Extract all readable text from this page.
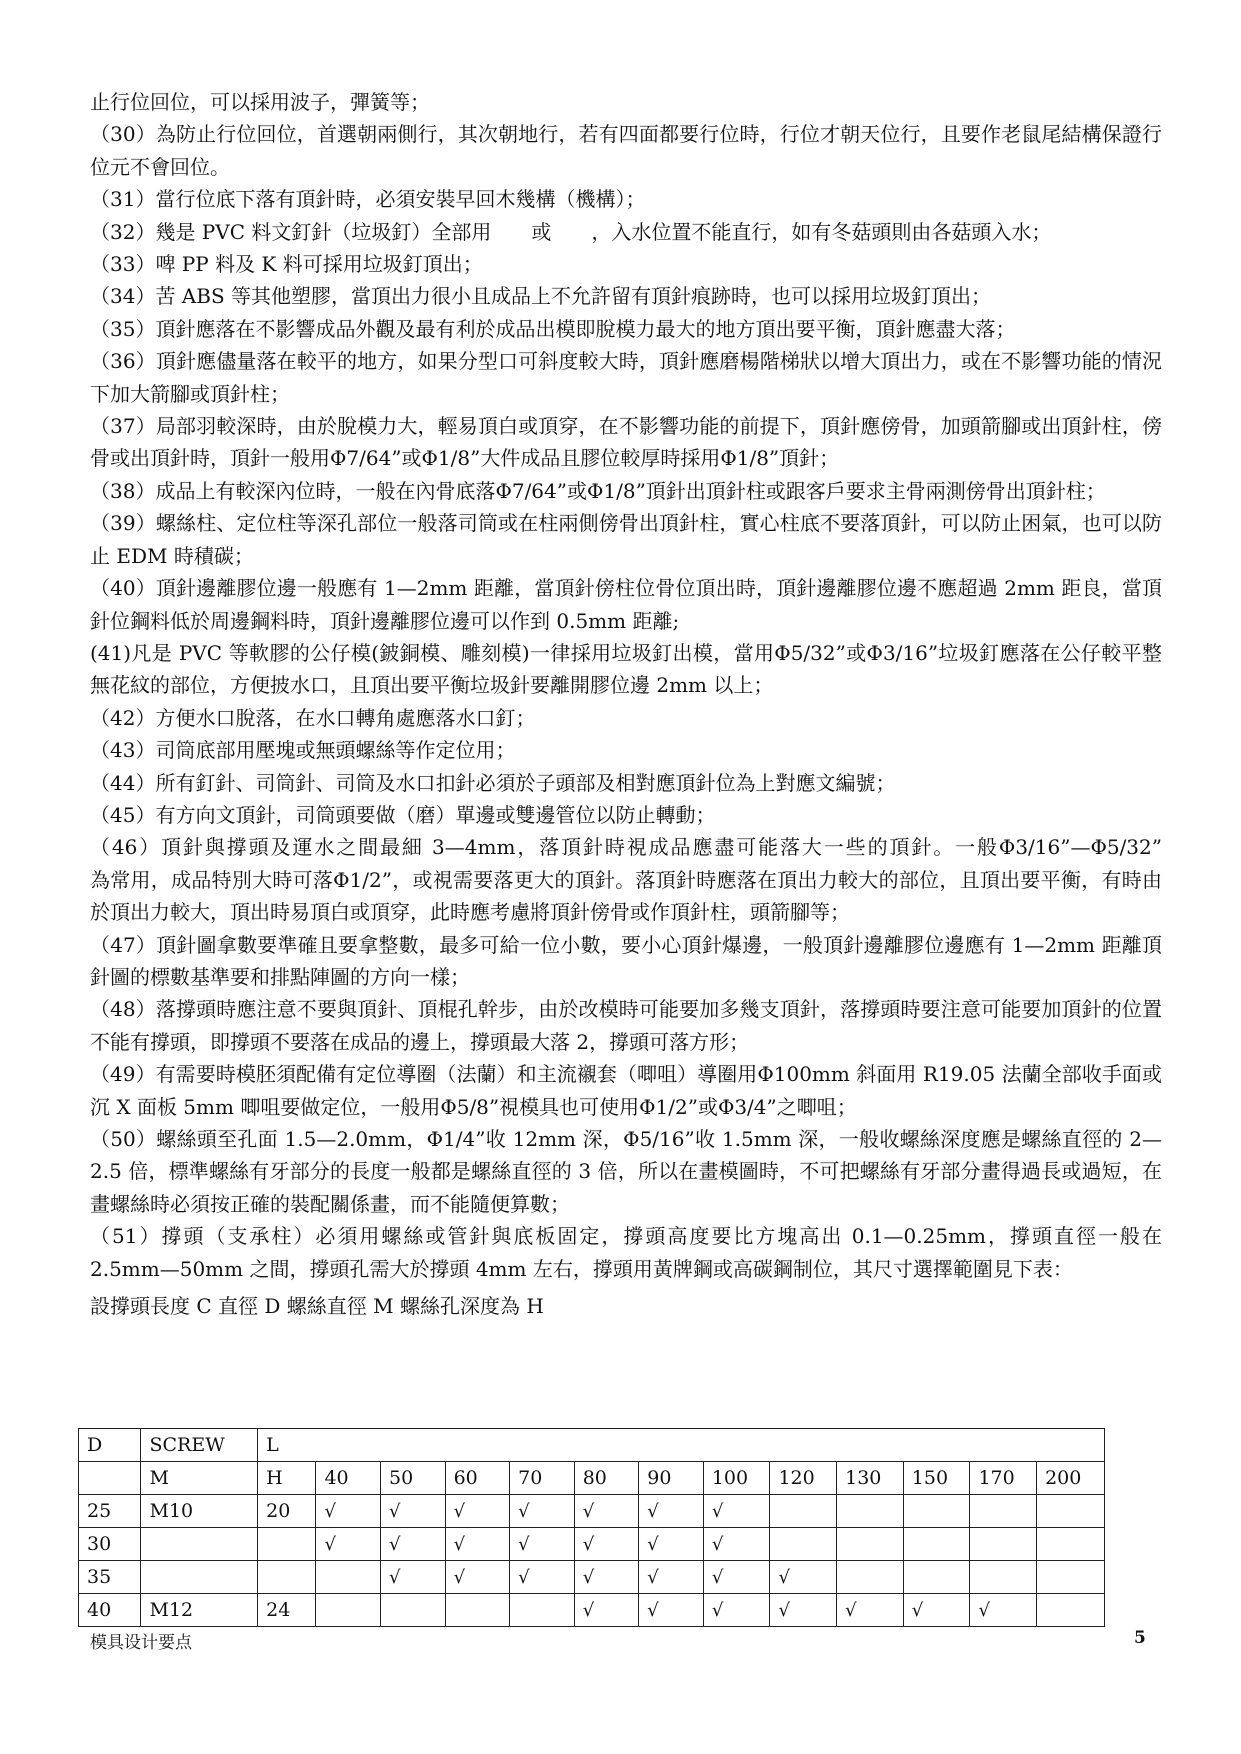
止行位回位，可以採用波子，彈簧等；

（30）為防止行位回位，首選朝兩側行，其次朝地行，若有四面都要行位時，行位才朝天位行，且要作老鼠尾結構保證行位元不會回位。

（31）當行位底下落有頂針時，必須安裝早回木幾構（機構）；

（32）幾是 PVC 料文釘針（垃圾釘）全部用　　或　　，入水位置不能直行，如有冬菇頭則由各菇頭入水；

（33）啤 PP 料及 K 料可採用垃圾釘頂出；

（34）苦 ABS 等其他塑膠，當頂出力很小且成品上不允許留有頂針痕跡時，也可以採用垃圾釘頂出；

（35）頂針應落在不影響成品外觀及最有利於成品出模即脫模力最大的地方頂出要平衡，頂針應盡大落；

（36）頂針應儘量落在較平的地方，如果分型口可斜度較大時，頂針應磨楊階梯狀以增大頂出力，或在不影響功能的情況下加大箭腳或頂針柱；

（37）局部羽較深時，由於脫模力大，輕易頂白或頂穿，在不影響功能的前提下，頂針應傍骨，加頭箭腳或出頂針柱，傍骨或出頂針時，頂針一般用Φ7/64”或Φ1/8”大件成品且膠位較厚時採用Φ1/8”頂針；

（38）成品上有較深內位時，一般在內骨底落Φ7/64”或Φ1/8”頂針出頂針柱或跟客戶要求主骨兩測傍骨出頂針柱；

（39）螺絲柱、定位柱等深孔部位一般落司筒或在柱兩側傍骨出頂針柱，實心柱底不要落頂針，可以防止困氣，也可以防止 EDM 時積碳；

（40）頂針邊離膠位邊一般應有 1—2mm 距離，當頂針傍柱位骨位頂出時，頂針邊離膠位邊不應超過 2mm 距良，當頂針位鋼料低於周邊鋼料時，頂針邊離膠位邊可以作到 0.5mm 距離;

(41)凡是 PVC 等軟膠的公仔模(鈹銅模、雕刻模)一律採用垃圾釘出模，當用Φ5/32”或Φ3/16”垃圾釘應落在公仔較平整無花紋的部位，方便披水口，且頂出要平衡垃圾針要離開膠位邊 2mm 以上；

（42）方便水口脫落，在水口轉角處應落水口釘；

（43）司筒底部用壓塊或無頭螺絲等作定位用；

（44）所有釘針、司筒針、司筒及水口扣針必須於子頭部及相對應頂針位為上對應文編號；

（45）有方向文頂針，司筒頭要做（磨）單邊或雙邊管位以防止轉動；

（46）頂針與撐頭及運水之間最細 3—4mm，落頂針時視成品應盡可能落大一些的頂針。一般Φ3/16”—Φ5/32”　　　為常用，成品特別大時可落Φ1/2”，或視需要落更大的頂針。落頂針時應落在頂出力較大的部位，且頂出要平衡，有時由於頂出力較大，頂出時易頂白或頂穿，此時應考慮將頂針傍骨或作頂針柱，頭箭腳等；

（47）頂針圖拿數要準確且要拿整數，最多可給一位小數，要小心頂針爆邊，一般頂針邊離膠位邊應有 1—2mm 距離頂針圖的標數基準要和排點陣圖的方向一樣；

（48）落撐頭時應注意不要與頂針、頂棍孔幹步，由於改模時可能要加多幾支頂針，落撐頭時要注意可能要加頂針的位置不能有撐頭，即撐頭不要落在成品的邊上，撐頭最大落 2，撐頭可落方形；

（49）有需要時模胚須配備有定位導圈（法蘭）和主流襯套（唧咀）導圈用Φ100mm 斜面用 R19.05 法蘭全部收手面或沉 X 面板 5mm 唧咀要做定位，一般用Φ5/8”視模具也可使用Φ1/2”或Φ3/4”之唧咀；

（50）螺絲頭至孔面 1.5—2.0mm，Φ1/4”收 12mm 深，Φ5/16”收 1.5mm 深，一般收螺絲深度應是螺絲直徑的 2—2.5 倍，標準螺絲有牙部分的長度一般都是螺絲直徑的 3 倍，所以在畫模圖時，不可把螺絲有牙部分畫得過長或過短，在畫螺絲時必須按正確的裝配關係畫，而不能隨便算數；

（51）撐頭（支承柱）必須用螺絲或管針與底板固定，撐頭高度要比方塊高出 0.1—0.25mm，撐頭直徑一般在　　2.5mm—50mm 之間，撐頭孔需大於撐頭 4mm 左右，撐頭用黃牌鋼或高碳鋼制位，其尺寸選擇範圍見下表：

設撐頭長度 C 直徑 D 螺絲直徑 M 螺絲孔深度為 H

D	SCREW	L												
	M	H	40	50	60	70	80	90	100	120	130	150	170	200
25	M10	20	√	√	√	√	√	√	√					
30			√	√	√	√	√	√	√					
35				√	√	√	√	√	√	√				
40	M12	24					√	√	√	√	√	√	√	
模具设计要点	5
